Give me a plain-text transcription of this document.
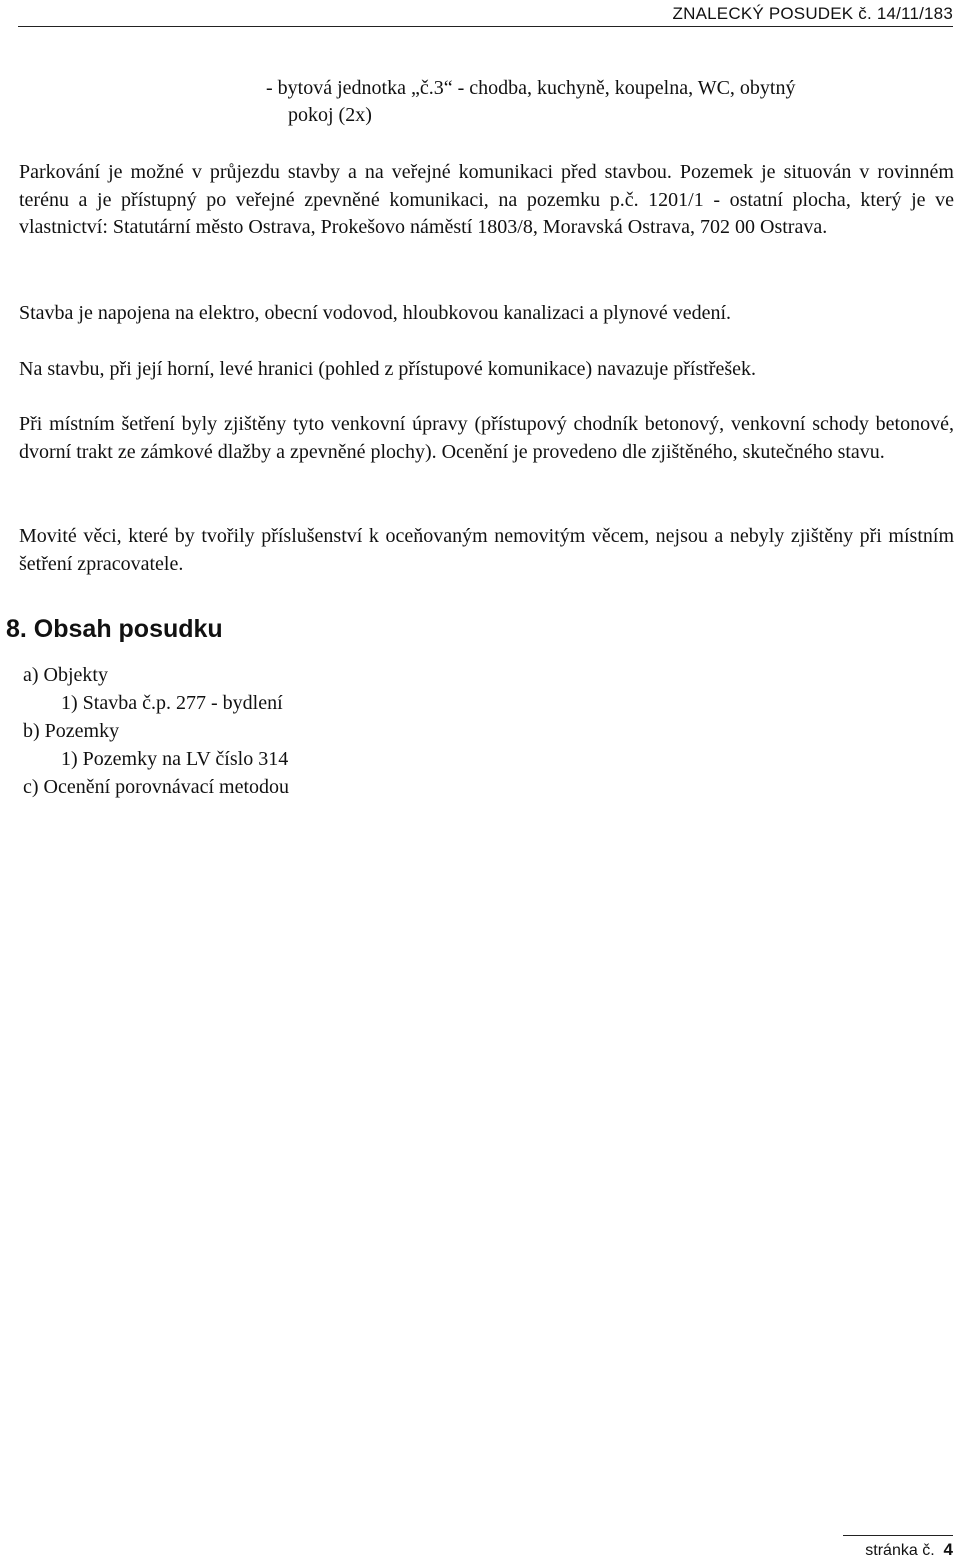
ZNALECKÝ POSUDEK č. 14/11/183
- bytová jednotka „č.3“ - chodba, kuchyně, koupelna, WC, obytný
pokoj (2x)

Parkování je možné v průjezdu stavby a na veřejné komunikaci před stavbou. Pozemek je situován v rovinném terénu a je přístupný po veřejné zpevněné komunikaci, na pozemku p.č. 1201/1 - ostatní plocha, který je ve vlastnictví: Statutární město Ostrava, Prokešovo náměstí 1803/8, Moravská Ostrava, 702 00 Ostrava.

Stavba je napojena na elektro, obecní vodovod, hloubkovou kanalizaci a plynové vedení.

Na stavbu, při její horní, levé hranici (pohled z přístupové komunikace) navazuje přístřešek.

Při místním šetření byly zjištěny tyto venkovní úpravy (přístupový chodník betonový, venkovní schody betonové, dvorní trakt ze zámkové dlažby a zpevněné plochy). Ocenění je provedeno dle zjištěného, skutečného stavu.

Movité věci, které by tvořily příslušenství k oceňovaným nemovitým věcem, nejsou a nebyly zjištěny při místním šetření zpracovatele.

8. Obsah posudku
a) Objekty
1) Stavba č.p. 277 - bydlení
b) Pozemky
1) Pozemky na LV číslo 314
c) Ocenění porovnávací metodou
stránka č. 4
